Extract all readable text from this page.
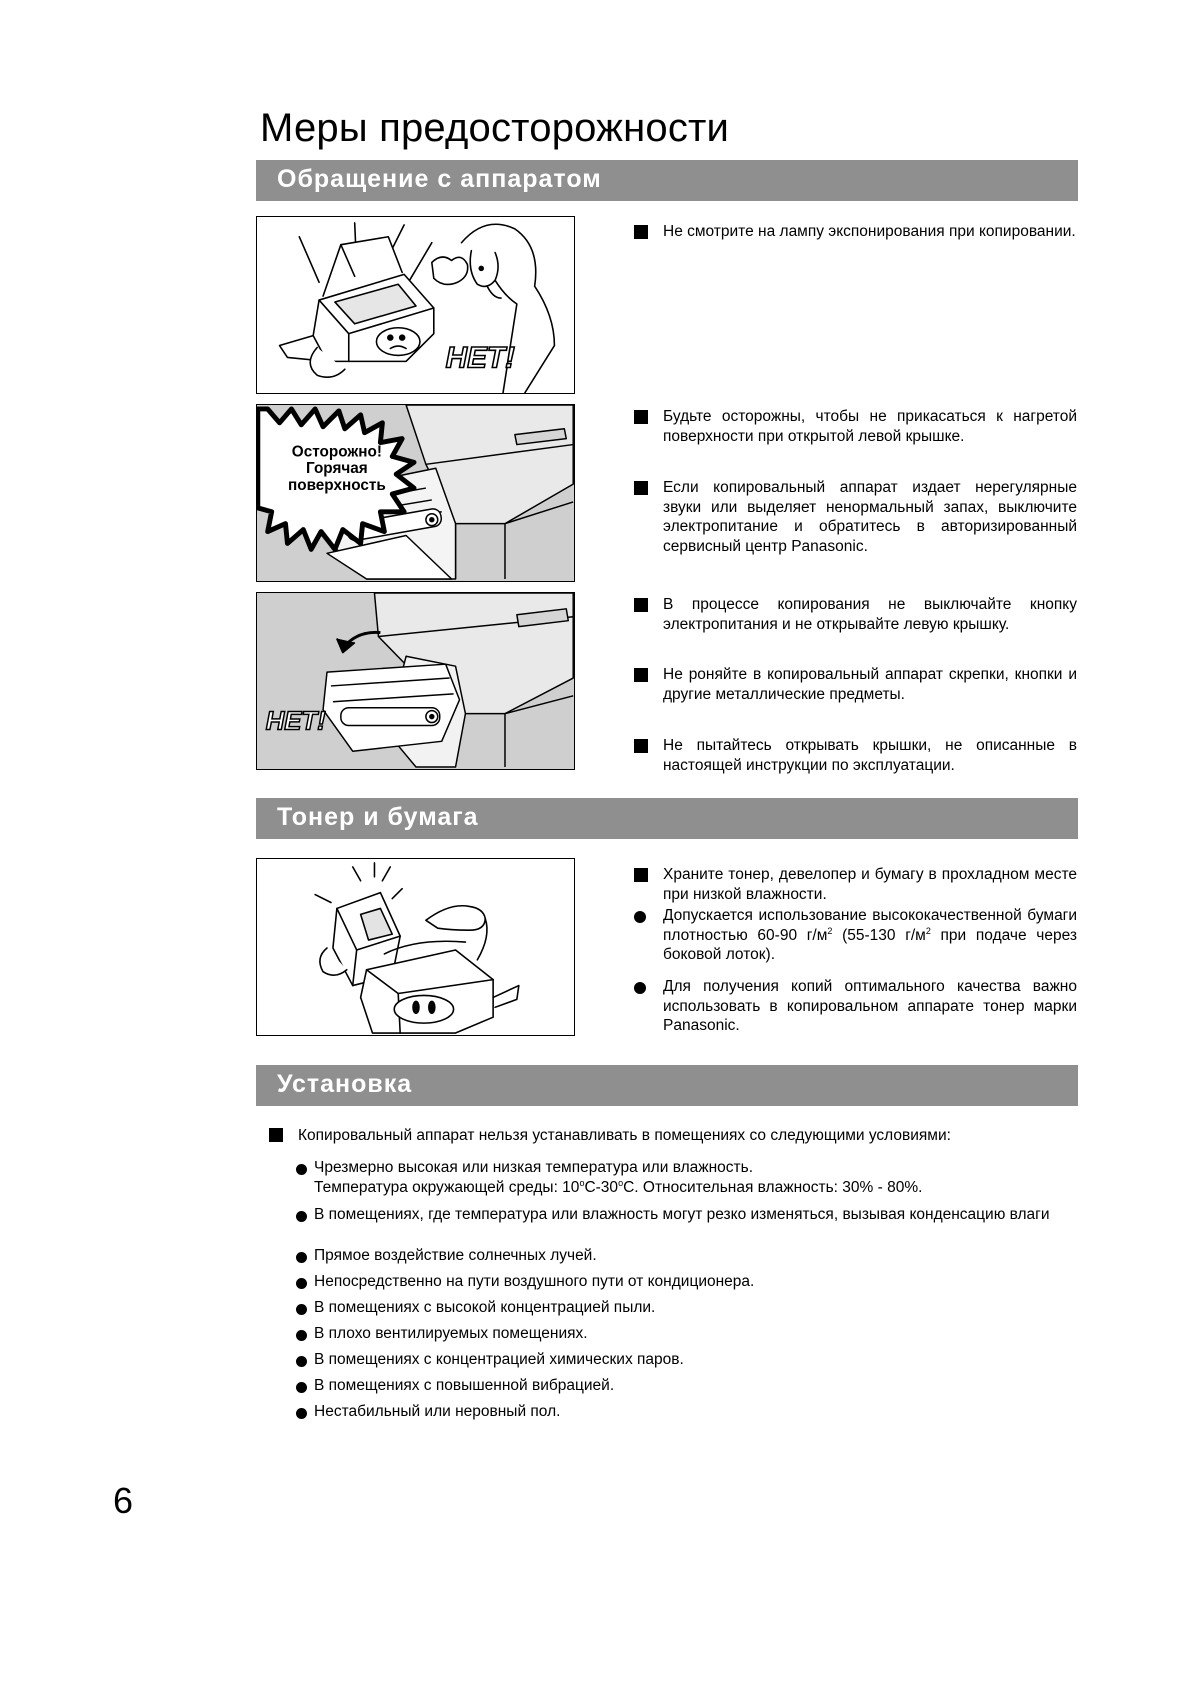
Меры предосторожности
Обращение с аппаратом
НЕТ!
Осторожно!
Горячая
поверхность
НЕТ!
Не смотрите на лампу экспонирования при копировании.
Будьте осторожны, чтобы не прикасаться к нагретой поверхности при открытой левой крышке.
Если копировальный аппарат издает нерегулярные звуки или выделяет ненормальный запах, выключите электропитание и обратитесь в авторизированный сервисный центр Panasonic.
В процессе копирования не выключайте кнопку электропитания и не открывайте левую крышку.
Не роняйте в копировальный аппарат скрепки, кнопки и другие металлические предметы.
Не пытайтесь открывать крышки, не описанные в настоящей инструкции по эксплуатации.
Тонер и бумага
Храните тонер, девелопер и бумагу в прохладном месте при низкой влажности.
Допускается использование высококачественной бумаги плотностью 60-90 $г/м^2$ (55-130 $г/м^2$ при подаче через боковой лоток).
Для получения копий оптимального качества важно использовать в копировальном аппарате тонер марки Panasonic.
Установка
Копировальный аппарат нельзя устанавливать в помещениях со следующими условиями:
Чрезмерно высокая или низкая температура или влажность.
Температура окружающей среды: 10$^o$С-30$^o$С. Относительная влажность: 30% - 80%.
В помещениях, где температура или влажность могут резко изменяться, вызывая конденсацию влаги
Прямое воздействие солнечных лучей.
Непосредственно на пути воздушного пути от кондиционера.
В помещениях с высокой концентрацией пыли.
В плохо вентилируемых помещениях.
В помещениях с концентрацией химических паров.
В помещениях с повышенной вибрацией.
Нестабильный или неровный пол.
6
